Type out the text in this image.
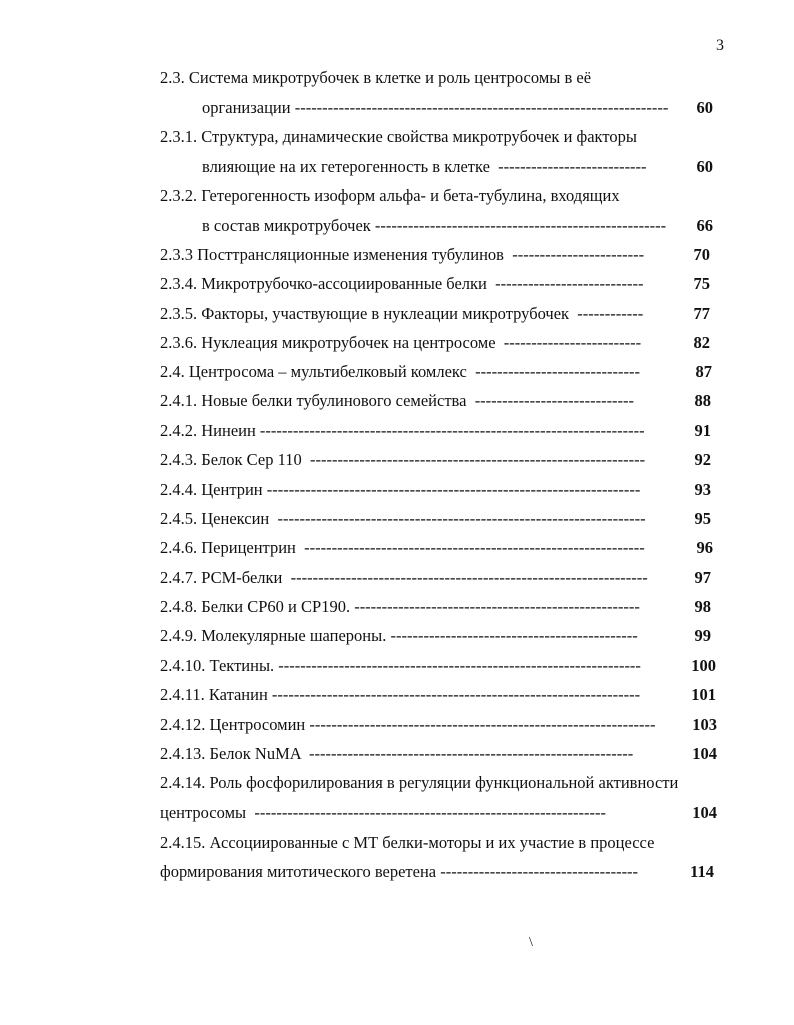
3
2.3. Система микротрубочек в клетке и роль центросомы в её
организации --------------------------------------------------------------------	60
2.3.1. Структура, динамические свойства микротрубочек и факторы
влияющие на их гетерогенность в клетке  ---------------------------	60
2.3.2. Гетерогенность изоформ альфа- и бета-тубулина, входящих
в состав микротрубочек -----------------------------------------------------	66
2.3.3 Посттрансляционные изменения тубулинов  ------------------------	70
2.3.4. Микротрубочко-ассоциированные белки  ---------------------------	75
2.3.5. Факторы, участвующие в нуклеации микротрубочек  ------------	77
2.3.6. Нуклеация микротрубочек на центросоме  -------------------------	82
2.4. Центросома – мультибелковый комлекс  ------------------------------	87
2.4.1. Новые белки тубулинового семейства  -----------------------------	88
2.4.2. Нинеин ----------------------------------------------------------------------	91
2.4.3. Белок Сер 110  -------------------------------------------------------------	92
2.4.4. Центрин --------------------------------------------------------------------	93
2.4.5. Ценексин  -------------------------------------------------------------------	95
2.4.6. Перицентрин  --------------------------------------------------------------	96
2.4.7. РСМ-белки  -----------------------------------------------------------------	97
2.4.8. Белки СР60 и СР190. ----------------------------------------------------	98
2.4.9. Молекулярные шапероны. ---------------------------------------------	99
2.4.10. Тектины. ------------------------------------------------------------------	100
2.4.11. Катанин -------------------------------------------------------------------	101
2.4.12. Центросомин ---------------------------------------------------------------	103
2.4.13. Белок NuMA  -----------------------------------------------------------	104
2.4.14. Роль фосфорилирования в регуляции функциональной активности
центросомы  ----------------------------------------------------------------	104
2.4.15. Ассоциированные с МТ белки-моторы и их участие в процессе
формирования митотического веретена ------------------------------------	114
\
